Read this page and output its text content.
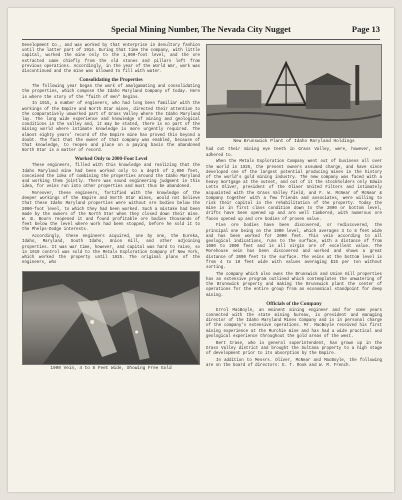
Special Mining Number, The Nevada City Nugget	Page 13

Development Co., and was worked by that enterprise in desultory fashion until the latter part of 1914. During that time the company, with little capital, worked the mine only to the 1,000-foot level, and the ore extracted came chiefly from the old stones and pillars left from previous operations. Accordingly, in the year of the World War, work was discontinued and the mine was allowed to fill with water.

Consolidating the Properties

The following year began the work of amalgamating and consolidating the properties, which compose the Idaho Maryland Company of today. Here is where the story of the "faith of men" begins.

In 1915, a number of engineers, who had long been familiar with the workings of the Empire and North Star mines, directed their attention to the comparatively unworked part of Grass Valley where the Idaho Maryland lay. The long wide experience and knowledge of mining and geological conditions in the valley and, it may be stated, there is no part of the mining world where intimate knowledge is more urgently required. The almost eighty years' record of the Empire mine has proved this beyond a doubt. The fact that the owner of that company was enabled, because of that knowledge, to reopen and place on a paying basis the abandoned North Star is a matter of record.

Worked Only to 2000-Foot Level

These engineers, filled with this knowledge and realizing that the Idaho Maryland mine had been worked only to a depth of 2,000 feet, conceived the idea of combining the properties around the Idaho Maryland and working them jointly. There was sound engineering judgment in this idea, for veins run into other properties and must thus be abandoned.

Moreover, these engineers, fortified with the knowledge of the deeper workings of the Empire and North Star mines, would not believe that these Idaho Maryland properties were without ore bodies below the 2000-foot level, to which they had been worked. Such a mistake had been made by the owners of the North Star when they closed down their mine. W. B. Bourn reopened it and found profitable ore bodies thousands of feet below the level where work had been stopped, before he sold it to the Phelps-Dodge interests.

Accordingly, these engineers acquired, one by one, the Eureka, Idaho, Maryland, South Idaho, Union Hill, and other adjoining properties. It was war time, however, and capital was hard to raise, so in 1919 control was sold to the Metals Exploration Company of New York, which worked the property until 1925. The original plans of the engineers, who

1900 Vein, 4 to 8 Feet Wide, Showing Free Gold
New Brunswick Plant of Idaho Maryland Holdings

had cut their mining eye teeth in Grass Valley, were, however, not adhered to.

When the Metals Exploration Company went out of business all over the world in 1925, the present owners assumed charge, and have since developed one of the largest potential producing mines in the history of the world's gold mining industry. The new company was faced with a heavy mortgage at the outset, and out of it the stockholders only Edwin Letts Oliver, president of the Oliver United Filters and intimately acquainted with the Grass Valley field, and F. W. McNear of McNear & Company together with a few friends and associates, were willing to risk their capital in the rehabilitation of the property. Today the mine is in first class condition down to the 2000 or bottom level, drifts have been opened up and are well timbered, with numerous ore faces opened up and ore bodies of proven value.

Five ore bodies have been discovered, or rediscovered, the principal one being on the 1900 level, which averages 3 to 8 feet wide and has been worked for 2000 feet. This vein according to all geological indications, runs to the surface, with a distance of from 1000 to 2000 feet and is all virgin ore of excellent value. The Morehouse vein has been discovered and worked and shows a great distance of 2000 feet to the surface. The veins at the bottom level is from 4 to 10 feet wide with values averaging $15 per ton without sorting.

The company which also owns the Brunswick and Union Hill properties has an extensive program outlined which contemplates the unwatering of the Brunswick property and making the Brunswick plant the center of operations for the entire group from an economical standpoint for deep mining.

Officials of the Company

Errol MacBoyle, an eminent mining engineer and for some years connected with the state mining bureau, is president and managing director of the Idaho Maryland Mines Company and is in personal charge of the company's extensive operations. Mr. MacBoyle received his first mining experience at the Murchie mine and has had a wide practical and geological experience throughout the gold areas of the west.

Bert Crase, who is general superintendent, has grown up in the Grass Valley district and brought the Sultana property to a high stage of development prior to its absorption by the Empire.

In addition to Messrs. Oliver, McNear and MacBoyle, the following are on the board of directors: E. T. Rook and W. M. French.
